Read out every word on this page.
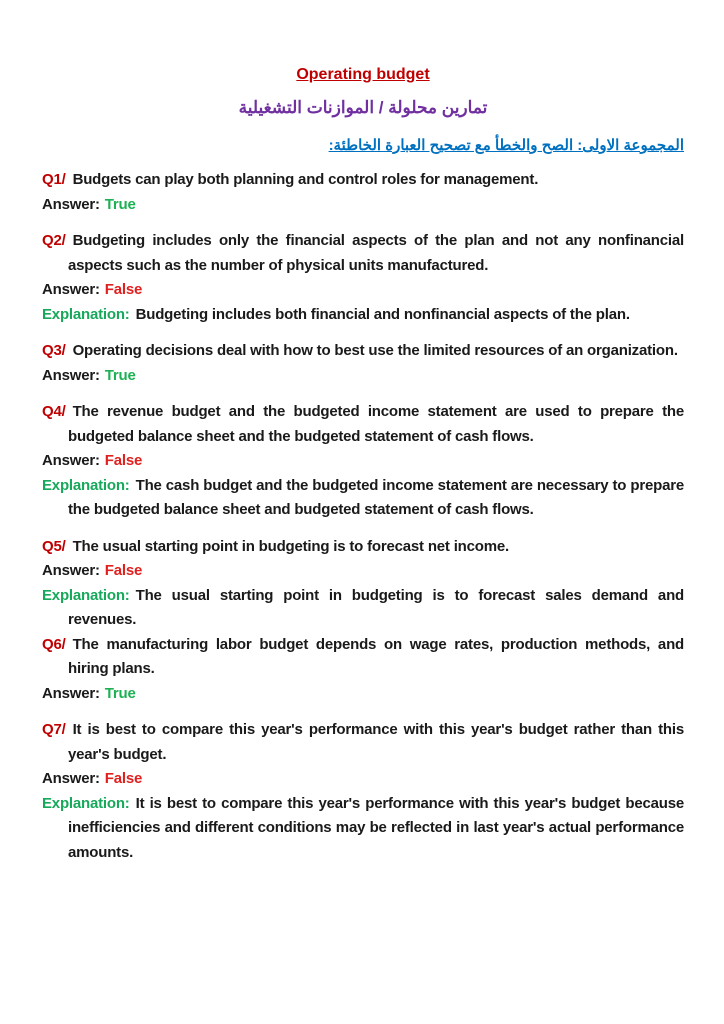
Operating budget

تمارين محلولة / الموازنات التشغيلية

المجموعة الاولى: الصح والخطأ مع تصحيح العبارة الخاطئة:

Q1/ Budgets can play both planning and control roles for management.

Answer: True

Q2/ Budgeting includes only the financial aspects of the plan and not any nonfinancial aspects such as the number of physical units manufactured.

Answer: False

Explanation: Budgeting includes both financial and nonfinancial aspects of the plan.

Q3/ Operating decisions deal with how to best use the limited resources of an organization.

Answer: True

Q4/ The revenue budget and the budgeted income statement are used to prepare the budgeted balance sheet and the budgeted statement of cash flows.

Answer: False

Explanation: The cash budget and the budgeted income statement are necessary to prepare the budgeted balance sheet and budgeted statement of cash flows.

Q5/ The usual starting point in budgeting is to forecast net income.

Answer: False

Explanation: The usual starting point in budgeting is to forecast sales demand and revenues.

Q6/ The manufacturing labor budget depends on wage rates, production methods, and hiring plans.

Answer: True

Q7/ It is best to compare this year's performance with this year's budget rather than this year's budget.

Answer: False

Explanation: It is best to compare this year's performance with this year's budget because inefficiencies and different conditions may be reflected in last year's actual performance amounts.
